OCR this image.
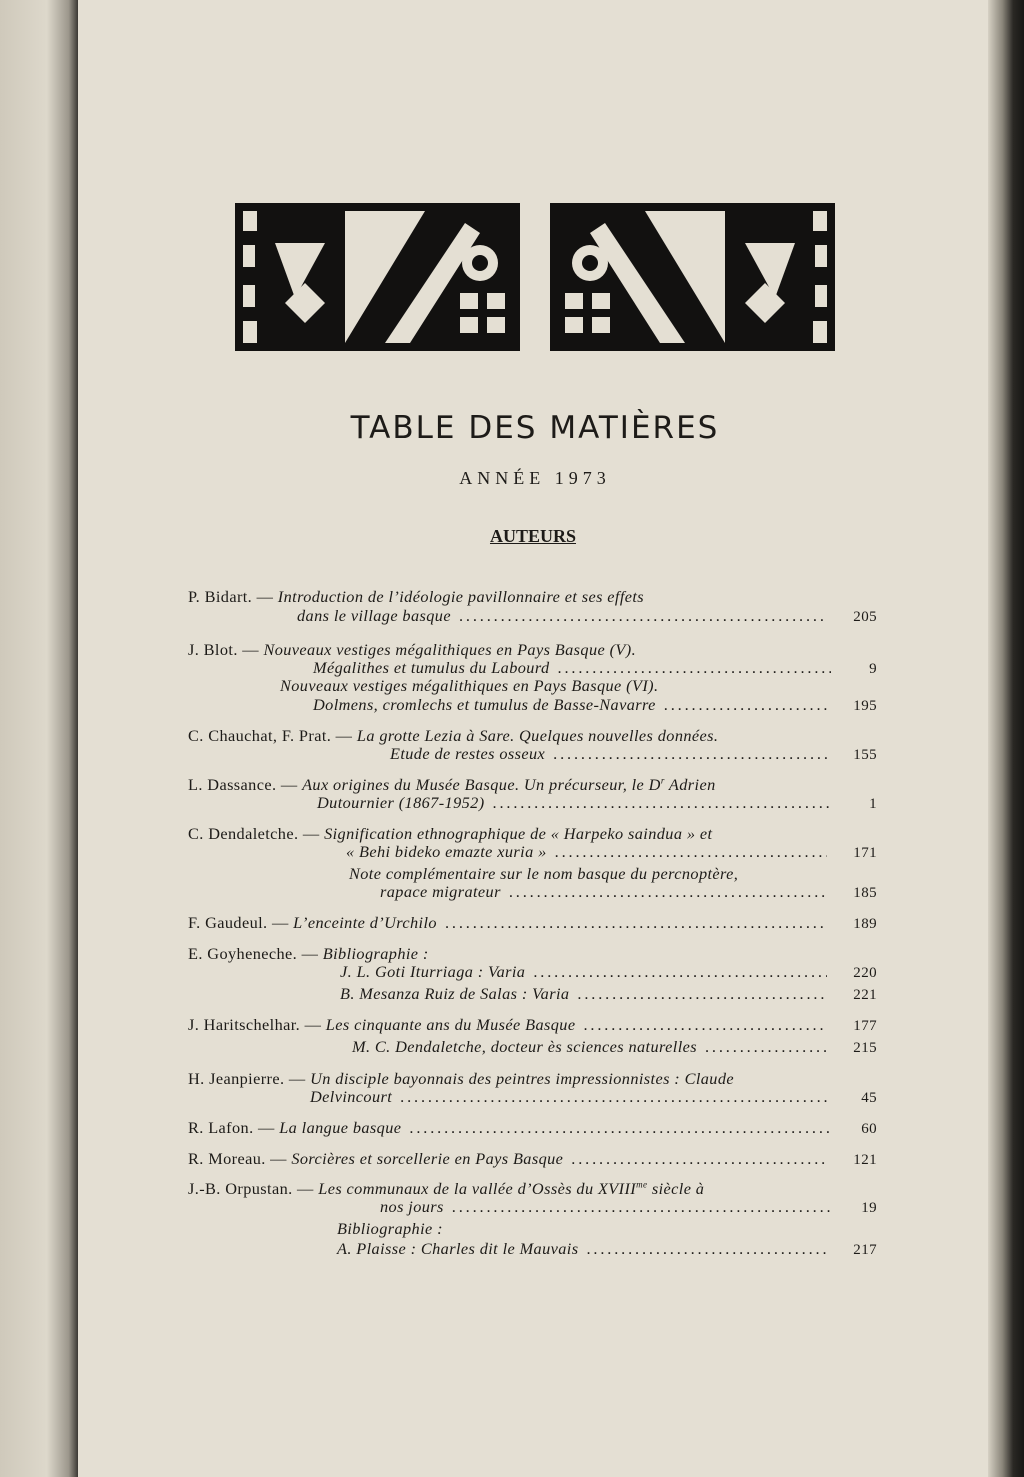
TABLE DES MATIÈRES
ANNÉE 1973
AUTEURS
P. Bidart. —
Introduction de l’idéologie pavillonnaire et ses effets
dans le village basque . . .	205
J. Blot. —
Nouveaux vestiges mégalithiques en Pays Basque (V).
Mégalithes et tumulus du Labourd . . .	9
Nouveaux vestiges mégalithiques en Pays Basque (VI).
Dolmens, cromlechs et tumulus de Basse-Navarre . . .	195
C. Chauchat, F. Prat. —
La grotte Lezia à Sare. Quelques nouvelles données.
Etude de restes osseux . . .	155
L. Dassance. —
Aux origines du Musée Basque. Un précurseur, le $D^r$ Adrien
Dutournier (1867-1952) . . .	1
C. Dendaletche. —
Signification ethnographique de « Harpeko saindua » et
« Behi bideko emazte xuria » . . .	171
Note complémentaire sur le nom basque du percnoptère,
rapace migrateur . . .	185
F. Gaudeul. —
L’enceinte d’Urchilo . . .	189
E. Goyheneche. —
Bibliographie :
J. L. Goti Iturriaga : Varia . . .	220
B. Mesanza Ruiz de Salas : Varia . . .	221
J. Haritschelhar. —
Les cinquante ans du Musée Basque . . .	177
M. C. Dendaletche, docteur ès sciences naturelles . . .	215
H. Jeanpierre. —
Un disciple bayonnais des peintres impressionnistes : Claude
Delvincourt . . .	45
R. Lafon. —
La langue basque . . .	60
R. Moreau. —
Sorcières et sorcellerie en Pays Basque . . .	121
J.-B. Orpustan. —
Les communaux de la vallée d’Ossès du $XVIII^{me}$ siècle à
nos jours . . .	19
Bibliographie :
A. Plaisse : Charles dit le Mauvais . . .	217
